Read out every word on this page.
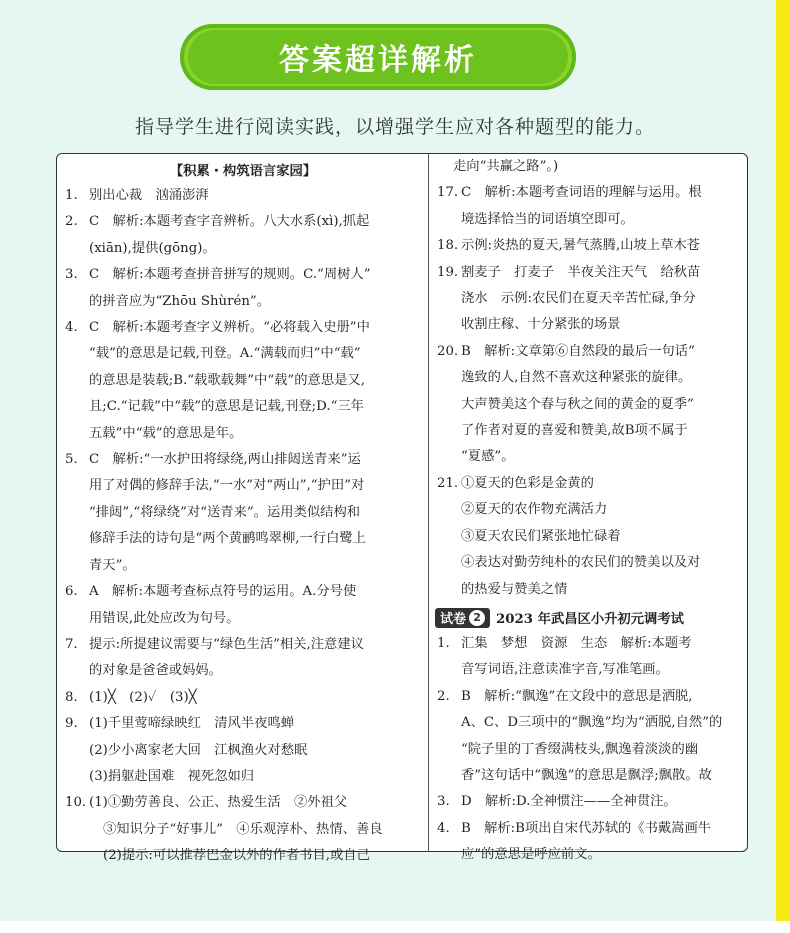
答案超详解析
指导学生进行阅读实践，以增强学生应对各种题型的能力。
【积累・构筑语言家园】
1. 别出心裁　汹涌澎湃
2. C　解析:本题考查字音辨析。八大水系(xì),抓起
(xiān),提供(gōng)。
3. C　解析:本题考查拼音拼写的规则。C.“周树人”
的拼音应为“Zhōu Shùrén”。
4. C　解析:本题考查字义辨析。“必将载入史册”中
“载”的意思是记载,刊登。A.“满载而归”中“载”
的意思是装载;B.“载歌载舞”中“载”的意思是又,
且;C.“记载”中“载”的意思是记载,刊登;D.“三年
五载”中“载”的意思是年。
5. C　解析:“一水护田将绿绕,两山排闼送青来”运
用了对偶的修辞手法,“一水”对“两山”,“护田”对
“排闼”,“将绿绕”对“送青来”。运用类似结构和
修辞手法的诗句是“两个黄鹂鸣翠柳,一行白鹭上
青天”。
6. A　解析:本题考查标点符号的运用。A.分号使
用错误,此处应改为句号。
7. 提示:所提建议需要与“绿色生活”相关,注意建议
的对象是爸爸或妈妈。
8. (1)╳　(2)✓　(3)╳
9. (1)千里莺啼绿映红　清风半夜鸣蝉
(2)少小离家老大回　江枫渔火对愁眠
(3)捐躯赴国难　视死忽如归
10. (1)①勤劳善良、公正、热爱生活　②外祖父
③知识分子“好事儿”　④乐观淳朴、热情、善良
(2)提示:可以推荐巴金以外的作者书目,或自己
走向“共赢之路”。)
17. C　解析:本题考查词语的理解与运用。根
境选择恰当的词语填空即可。
18. 示例:炎热的夏天,暑气蒸腾,山坡上草木苍
19. 割麦子　打麦子　半夜关注天气　给秋苗
浇水　示例:农民们在夏天辛苦忙碌,争分
收割庄稼、十分紧张的场景
20. B　解析:文章第⑥自然段的最后一句话“
逸致的人,自然不喜欢这种紧张的旋律。
大声赞美这个春与秋之间的黄金的夏季”
了作者对夏的喜爱和赞美,故B项不属于
“夏感”。
21. ①夏天的色彩是金黄的
②夏天的农作物充满活力
③夏天农民们紧张地忙碌着
④表达对勤劳纯朴的农民们的赞美以及对
的热爱与赞美之情
试卷 2	2023 年武昌区小升初元调考试
1. 汇集　梦想　资源　生态　解析:本题考
音写词语,注意读准字音,写准笔画。
2. B　解析:“飘逸”在文段中的意思是洒脱,
A、C、D三项中的“飘逸”均为“洒脱,自然”的
“院子里的丁香缀满枝头,飘逸着淡淡的幽
香”这句话中“飘逸”的意思是飘浮;飘散。故
3. D　解析:D.全神惯注——全神贯注。
4. B　解析:B项出自宋代苏轼的《书戴嵩画牛
应”的意思是呼应前文。
